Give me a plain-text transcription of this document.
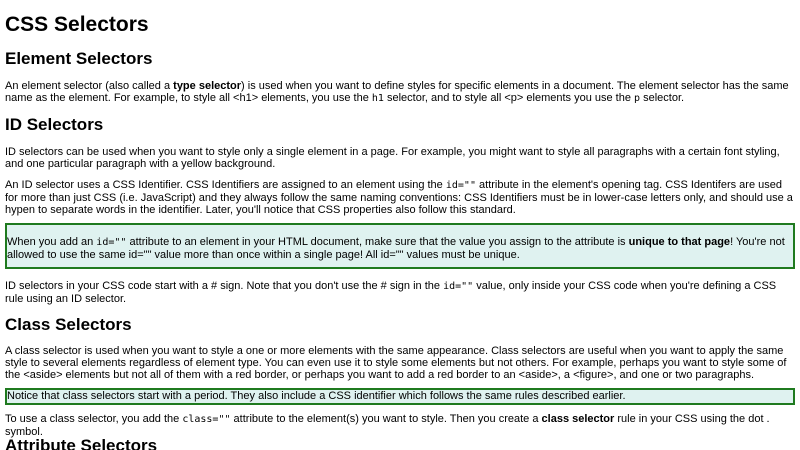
CSS Selectors
Element Selectors

An element selector (also called a type selector) is used when you want to define styles for specific elements in a document. The element selector has the same name as the element. For example, to style all <h1> elements, you use the h1 selector, and to style all <p> elements you use the p selector.

ID Selectors

ID selectors can be used when you want to style only a single element in a page. For example, you might want to style all paragraphs with a certain font styling, and one particular paragraph with a yellow background.

An ID selector uses a CSS Identifier. CSS Identifiers are assigned to an element using the id="" attribute in the element's opening tag. CSS Identifers are used for more than just CSS (i.e. JavaScript) and they always follow the same naming conventions: CSS Identifiers must be in lower-case letters only, and should use a hypen to separate words in the identifier. Later, you'll notice that CSS properties also follow this standard.

When you add an id="" attribute to an element in your HTML document, make sure that the value you assign to the attribute is unique to that page! You're not allowed to use the same id="" value more than once within a single page! All id="" values must be unique.

ID selectors in your CSS code start with a # sign. Note that you don't use the # sign in the id="" value, only inside your CSS code when you're defining a CSS rule using an ID selector.

Class Selectors

A class selector is used when you want to style a one or more elements with the same appearance. Class selectors are useful when you want to apply the same style to several elements regardless of element type. You can even use it to style some elements but not others. For example, perhaps you want to style some of the <aside> elements but not all of them with a red border, or perhaps you want to add a red border to an <aside>, a <figure>, and one or two paragraphs.

Notice that class selectors start with a period. They also include a CSS identifier which follows the same rules described earlier.

To use a class selector, you add the class="" attribute to the element(s) you want to style. Then you create a class selector rule in your CSS using the dot . symbol.

Attribute Selectors
